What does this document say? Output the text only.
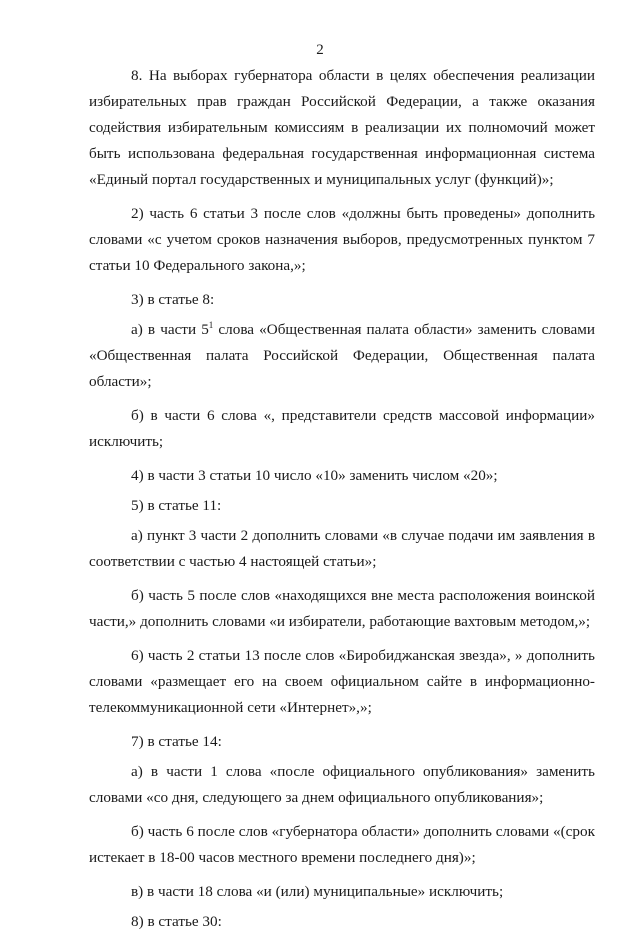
2

8. На выборах губернатора области в целях обеспечения реализации избирательных прав граждан Российской Федерации, а также оказания содействия избирательным комиссиям в реализации их полномочий может быть использована федеральная государственная информационная система «Единый портал государственных и муниципальных услуг (функций)»;

2) часть 6 статьи 3 после слов «должны быть проведены» дополнить словами «с учетом сроков назначения выборов, предусмотренных пунктом 7 статьи 10 Федерального закона,»;

3) в статье 8:

а) в части $5^1$ слова «Общественная палата области» заменить словами «Общественная палата Российской Федерации, Общественная палата области»;

б) в части 6 слова «, представители средств массовой информации» исключить;

4) в части 3 статьи 10 число «10» заменить числом «20»;

5) в статье 11:

а) пункт 3 части 2 дополнить словами «в случае подачи им заявления в соответствии с частью 4 настоящей статьи»;

б) часть 5 после слов «находящихся вне места расположения воинской части,» дополнить словами «и избиратели, работающие вахтовым методом,»;

6) часть 2 статьи 13 после слов «Биробиджанская звезда», » дополнить словами «размещает его на своем официальном сайте в информационно-телекоммуникационной сети «Интернет»,»;

7) в статье 14:

а) в части 1 слова «после официального опубликования» заменить словами «со дня, следующего за днем официального опубликования»;

б) часть 6 после слов «губернатора области» дополнить словами «(срок истекает в 18-00 часов местного времени последнего дня)»;

в) в части 18 слова «и (или) муниципальные» исключить;

8) в статье 30:
